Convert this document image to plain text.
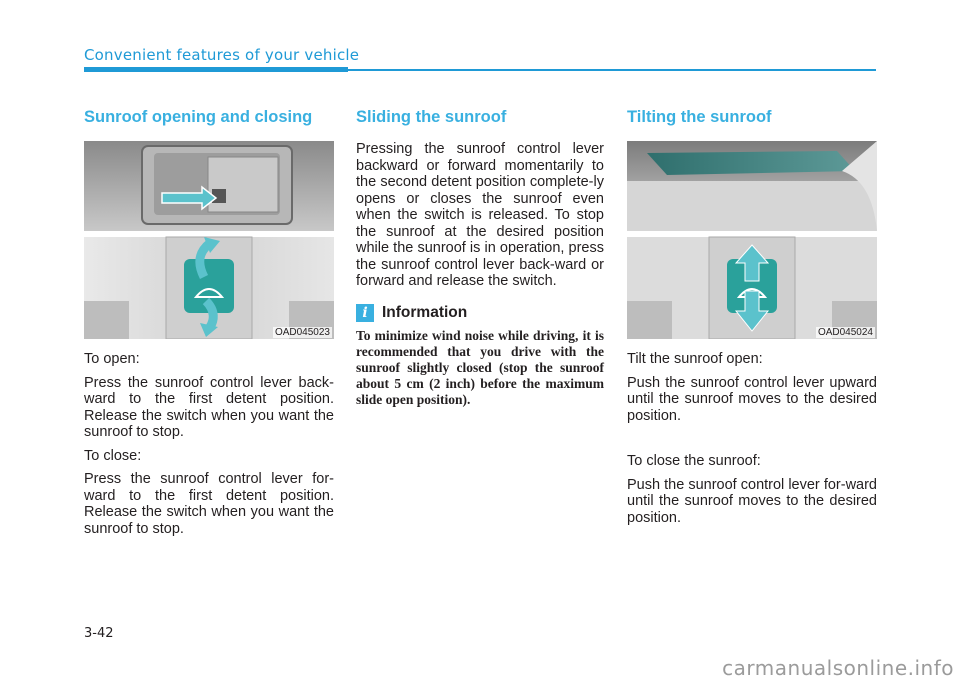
Convenient features of your vehicle
Sunroof opening and closing
OAD045023

To open:

Press the sunroof control lever back-ward to the first detent position. Release the switch when you want the sunroof to stop.

To close:

Press the sunroof control lever for-ward to the first detent position. Release the switch when you want the sunroof to stop.

Sliding the sunroof

Pressing the sunroof control lever backward or forward momentarily to the second detent position complete-ly opens or closes the sunroof even when the switch is released. To stop the sunroof at the desired position while the sunroof is in operation, press the sunroof control lever back-ward or forward and release the switch.

i Information

To minimize wind noise while driving, it is recommended that you drive with the sunroof slightly closed (stop the sunroof about 5 cm (2 inch) before the maximum slide open position).

Tilting the sunroof
OAD045024

Tilt the sunroof open:

Push the sunroof control lever upward until the sunroof moves to the desired position.

To close the sunroof:

Push the sunroof control lever for-ward until the sunroof moves to the desired position.

3-42
carmanualsonline.info
